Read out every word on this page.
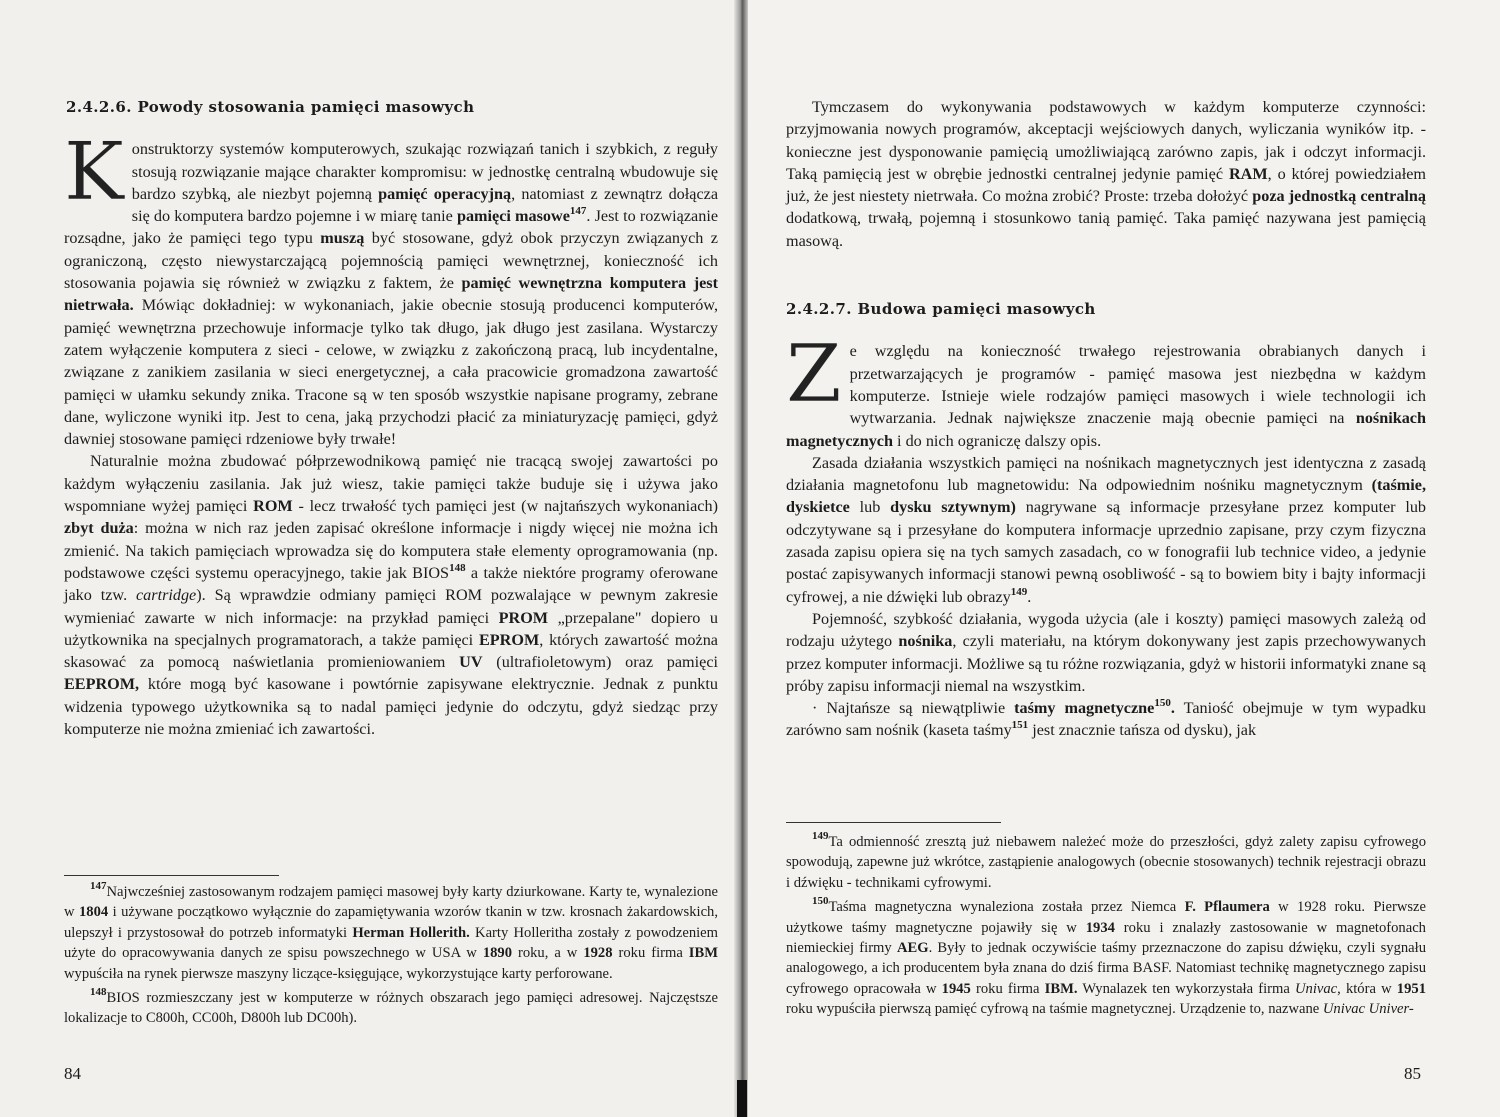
2.4.2.6. Powody stosowania pamięci masowych
K onstruktorzy systemów komputerowych, szukając rozwiązań tanich i szybkich, z reguły stosują rozwiązanie mające charakter kompromisu: w jednostkę centralną wbudowuje się bardzo szybką, ale niezbyt pojemną pamięć operacyjną, natomiast z zewnątrz dołącza się do komputera bardzo pojemne i w miarę tanie pamięci masowe$^{147}$. Jest to rozwiązanie rozsądne, jako że pamięci tego typu muszą być stosowane, gdyż obok przyczyn związanych z ograniczoną, często niewystarczającą pojemnością pamięci wewnętrznej, konieczność ich stosowania pojawia się również w związku z faktem, że pamięć wewnętrzna komputera jest nietrwała. Mówiąc dokładniej: w wykonaniach, jakie obecnie stosują producenci komputerów, pamięć wewnętrzna przechowuje informacje tylko tak długo, jak długo jest zasilana. Wystarczy zatem wyłączenie komputera z sieci - celowe, w związku z zakończoną pracą, lub incydentalne, związane z zanikiem zasilania w sieci energetycznej, a cała pracowicie gromadzona zawartość pamięci w ułamku sekundy znika. Tracone są w ten sposób wszystkie napisane programy, zebrane dane, wyliczone wyniki itp. Jest to cena, jaką przychodzi płacić za miniaturyzację pamięci, gdyż dawniej stosowane pamięci rdzeniowe były trwałe!

Naturalnie można zbudować półprzewodnikową pamięć nie tracącą swojej zawartości po każdym wyłączeniu zasilania. Jak już wiesz, takie pamięci także buduje się i używa jako wspomniane wyżej pamięci ROM - lecz trwałość tych pamięci jest (w najtańszych wykonaniach) zbyt duża: można w nich raz jeden zapisać określone informacje i nigdy więcej nie można ich zmienić. Na takich pamięciach wprowadza się do komputera stałe elementy oprogramowania (np. podstawowe części systemu operacyjnego, takie jak BIOS$^{148}$ a także niektóre programy oferowane jako tzw. cartridge). Są wprawdzie odmiany pamięci ROM pozwalające w pewnym zakresie wymieniać zawarte w nich informacje: na przykład pamięci PROM „przepalane" dopiero u użytkownika na specjalnych programatorach, a także pamięci EPROM, których zawartość można skasować za pomocą naświetlania promieniowaniem UV (ultrafioletowym) oraz pamięci EEPROM, które mogą być kasowane i powtórnie zapisywane elektrycznie. Jednak z punktu widzenia typowego użytkownika są to nadal pamięci jedynie do odczytu, gdyż siedząc przy komputerze nie można zmieniać ich zawartości.

$^{147}$Najwcześniej zastosowanym rodzajem pamięci masowej były karty dziurkowane. Karty te, wynalezione w 1804 i używane początkowo wyłącznie do zapamiętywania wzorów tkanin w tzw. krosnach żakardowskich, ulepszył i przystosował do potrzeb informatyki Herman Hollerith. Karty Holleritha zostały z powodzeniem użyte do opracowywania danych ze spisu powszechnego w USA w 1890 roku, a w 1928 roku firma IBM wypuściła na rynek pierwsze maszyny liczące-księgujące, wykorzystujące karty perforowane.

$^{148}$BIOS rozmieszczany jest w komputerze w różnych obszarach jego pamięci adresowej. Najczęstsze lokalizacje to C800h, CC00h, D800h lub DC00h).

84

Tymczasem do wykonywania podstawowych w każdym komputerze czynności: przyjmowania nowych programów, akceptacji wejściowych danych, wyliczania wyników itp. - konieczne jest dysponowanie pamięcią umożliwiającą zarówno zapis, jak i odczyt informacji. Taką pamięcią jest w obrębie jednostki centralnej jedynie pamięć RAM, o której powiedziałem już, że jest niestety nietrwała. Co można zrobić? Proste: trzeba dołożyć poza jednostką centralną dodatkową, trwałą, pojemną i stosunkowo tanią pamięć. Taka pamięć nazywana jest pamięcią masową.

2.4.2.7. Budowa pamięci masowych
Z e względu na konieczność trwałego rejestrowania obrabianych danych i przetwarzających je programów - pamięć masowa jest niezbędna w każdym komputerze. Istnieje wiele rodzajów pamięci masowych i wiele technologii ich wytwarzania. Jednak największe znaczenie mają obecnie pamięci na nośnikach magnetycznych i do nich ograniczę dalszy opis.

Zasada działania wszystkich pamięci na nośnikach magnetycznych jest identyczna z zasadą działania magnetofonu lub magnetowidu: Na odpowiednim nośniku magnetycznym (taśmie, dyskietce lub dysku sztywnym) nagrywane są informacje przesyłane przez komputer lub odczytywane są i przesyłane do komputera informacje uprzednio zapisane, przy czym fizyczna zasada zapisu opiera się na tych samych zasadach, co w fonografii lub technice video, a jedynie postać zapisywanych informacji stanowi pewną osobliwość - są to bowiem bity i bajty informacji cyfrowej, a nie dźwięki lub obrazy$^{149}$.

Pojemność, szybkość działania, wygoda użycia (ale i koszty) pamięci masowych zależą od rodzaju użytego nośnika, czyli materiału, na którym dokonywany jest zapis przechowywanych przez komputer informacji. Możliwe są tu różne rozwiązania, gdyż w historii informatyki znane są próby zapisu informacji niemal na wszystkim.

· Najtańsze są niewątpliwie taśmy magnetyczne$^{150}$. Taniość obejmuje w tym wypadku zarówno sam nośnik (kaseta taśmy$^{151}$ jest znacznie tańsza od dysku), jak

$^{149}$Ta odmienność zresztą już niebawem należeć może do przeszłości, gdyż zalety zapisu cyfrowego spowodują, zapewne już wkrótce, zastąpienie analogowych (obecnie stosowanych) technik rejestracji obrazu i dźwięku - technikami cyfrowymi.

$^{150}$Taśma magnetyczna wynaleziona została przez Niemca F. Pflaumera w 1928 roku. Pierwsze użytkowe taśmy magnetyczne pojawiły się w 1934 roku i znalazły zastosowanie w magnetofonach niemieckiej firmy AEG. Były to jednak oczywiście taśmy przeznaczone do zapisu dźwięku, czyli sygnału analogowego, a ich producentem była znana do dziś firma BASF. Natomiast technikę magnetycznego zapisu cyfrowego opracowała w 1945 roku firma IBM. Wynalazek ten wykorzystała firma Univac, która w 1951 roku wypuściła pierwszą pamięć cyfrową na taśmie magnetycznej. Urządzenie to, nazwane Univac Univer-

85
